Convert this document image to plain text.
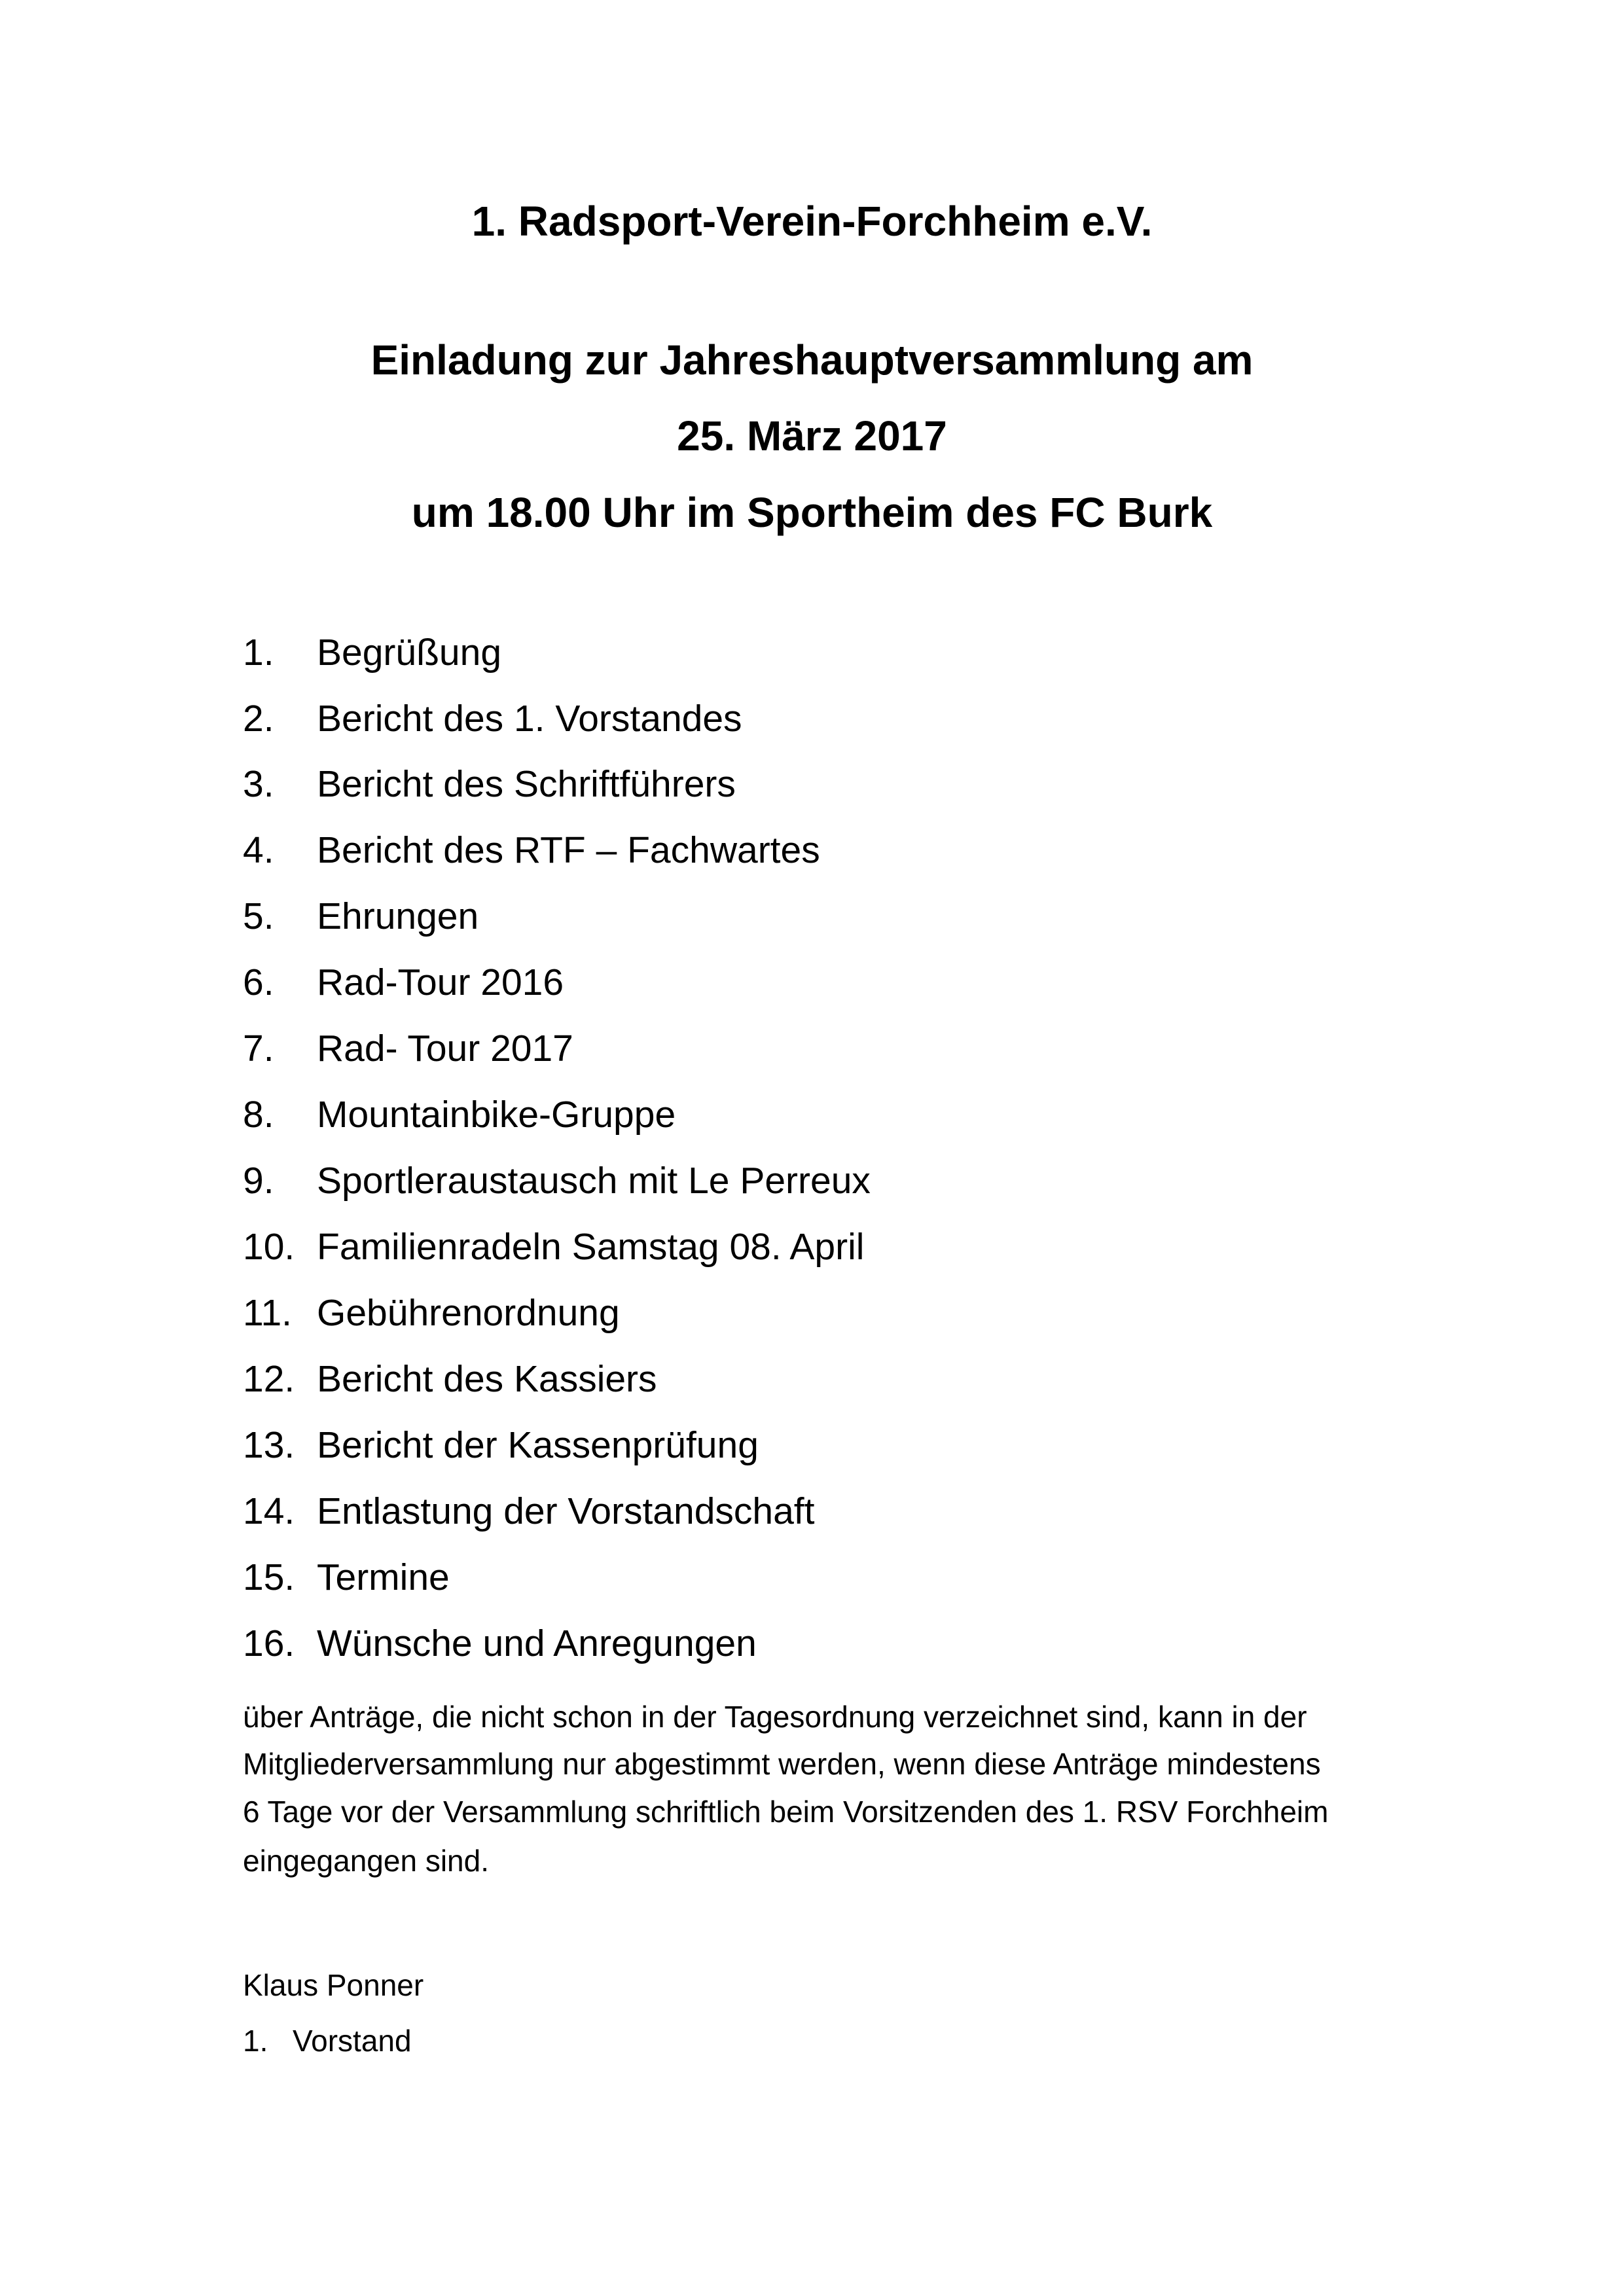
1. Radsport-Verein-Forchheim e.V.
Einladung zur Jahreshauptversammlung am
25. März 2017
um 18.00 Uhr im Sportheim des FC Burk
1. Begrüßung
2. Bericht des 1. Vorstandes
3. Bericht des Schriftführers
4. Bericht des RTF – Fachwartes
5. Ehrungen
6. Rad-Tour 2016
7. Rad- Tour 2017
8. Mountainbike-Gruppe
9. Sportleraustausch mit Le Perreux
10. Familienradeln Samstag 08. April
11. Gebührenordnung
12. Bericht des Kassiers
13. Bericht der Kassenprüfung
14. Entlastung der Vorstandschaft
15. Termine
16. Wünsche und Anregungen
über Anträge, die nicht schon in der Tagesordnung verzeichnet sind, kann in der
Mitgliederversammlung nur abgestimmt werden, wenn diese Anträge mindestens
6 Tage vor der Versammlung schriftlich beim Vorsitzenden des 1. RSV Forchheim
eingegangen sind.
Klaus Ponner
1. Vorstand
